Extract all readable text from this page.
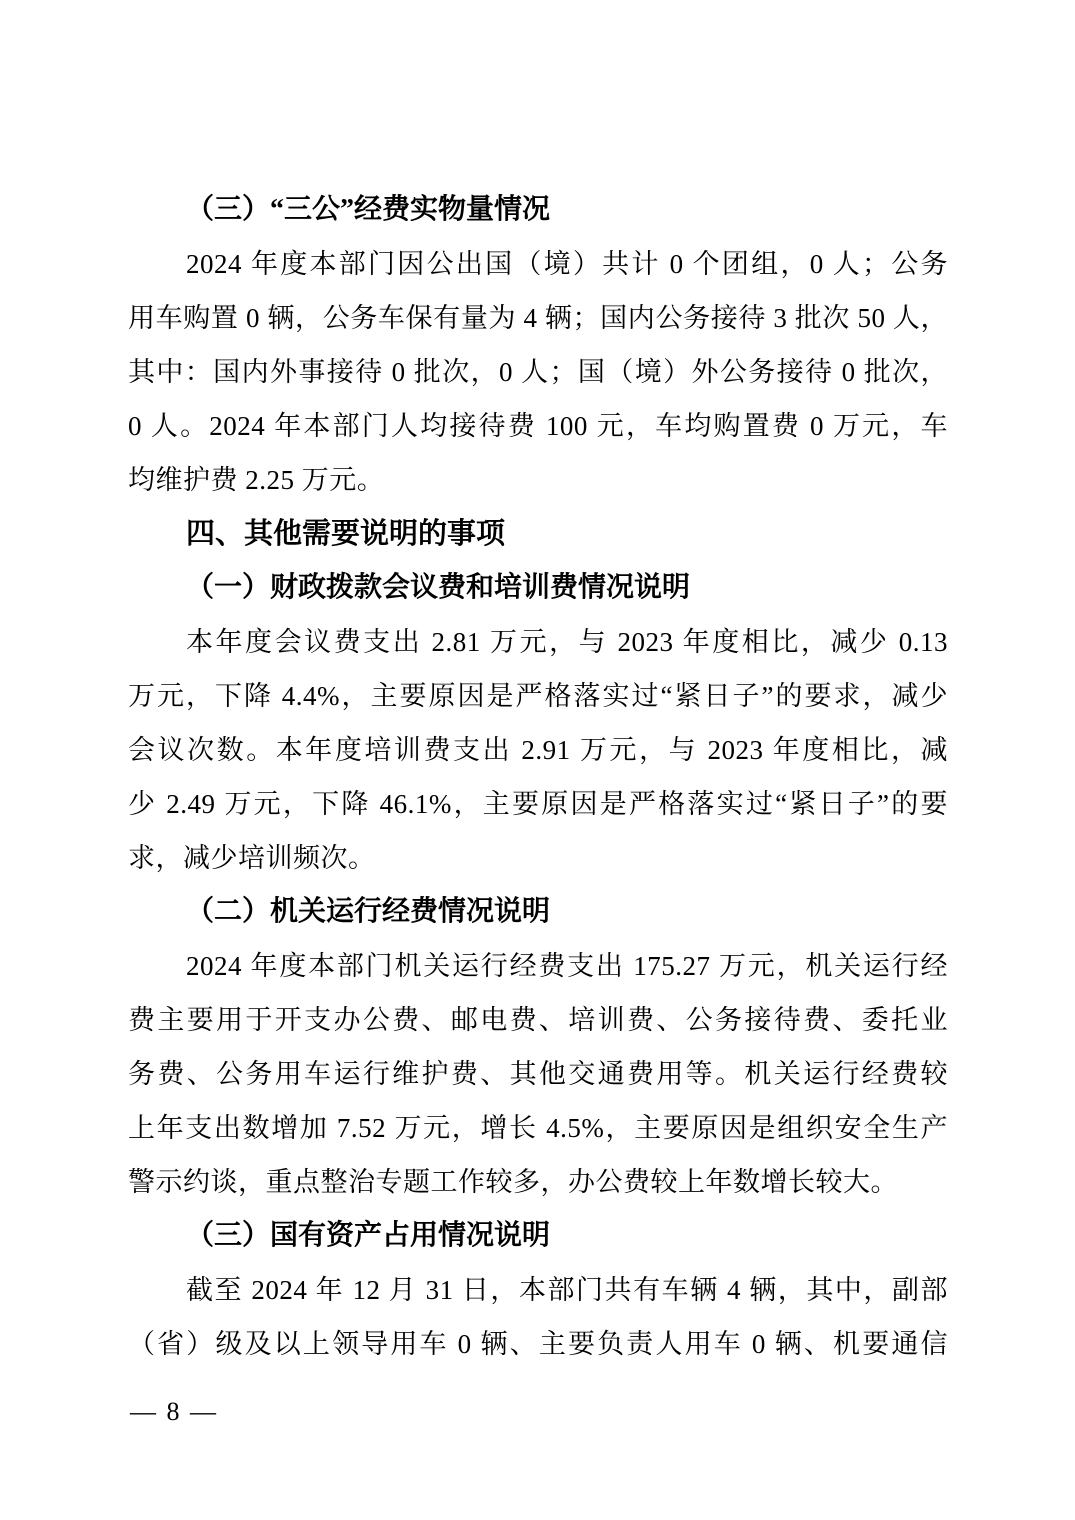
（三）“三公”经费实物量情况
2024 年度本部门因公出国（境）共计 0 个团组，0 人；公务
用车购置 0 辆，公务车保有量为 4 辆；国内公务接待 3 批次 50 人，
其中：国内外事接待 0 批次，0 人；国（境）外公务接待 0 批次，
0 人。2024 年本部门人均接待费 100 元，车均购置费 0 万元，车
均维护费 2.25 万元。
四、其他需要说明的事项
（一）财政拨款会议费和培训费情况说明
本年度会议费支出 2.81 万元，与 2023 年度相比，减少 0.13
万元，下降 4.4%，主要原因是严格落实过“紧日子”的要求，减少
会议次数。本年度培训费支出 2.91 万元，与 2023 年度相比，减
少 2.49 万元，下降 46.1%，主要原因是严格落实过“紧日子”的要
求，减少培训频次。
（二）机关运行经费情况说明
2024 年度本部门机关运行经费支出 175.27 万元，机关运行经
费主要用于开支办公费、邮电费、培训费、公务接待费、委托业
务费、公务用车运行维护费、其他交通费用等。机关运行经费较
上年支出数增加 7.52 万元，增长 4.5%，主要原因是组织安全生产
警示约谈，重点整治专题工作较多，办公费较上年数增长较大。
（三）国有资产占用情况说明
截至 2024 年 12 月 31 日，本部门共有车辆 4 辆，其中，副部
（省）级及以上领导用车 0 辆、主要负责人用车 0 辆、机要通信
— 8 —
